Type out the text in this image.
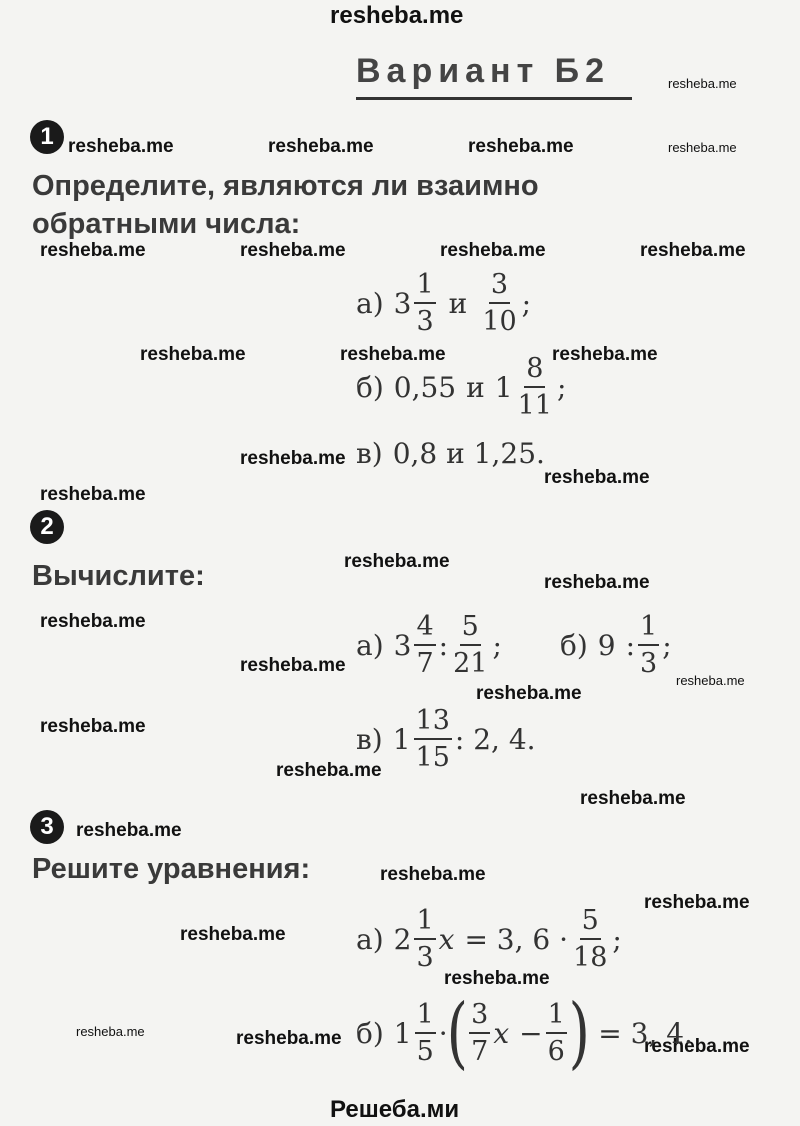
resheba.me
Вариант Б2	resheba.me
resheba.me	resheba.me	resheba.me	resheba.me
resheba.me	resheba.me	resheba.me	resheba.me
resheba.me	resheba.me	resheba.me
resheba.me
resheba.me
resheba.me
resheba.me
resheba.me
resheba.me
resheba.me
resheba.me
resheba.me
resheba.me
resheba.me
resheba.me
resheba.me
resheba.me
resheba.me
resheba.me
resheba.me
resheba.me	resheba.me	resheba.me
1
Определите, являются ли взаимно
обратными числа:
а) $3 \frac{1}{3}$ и $\frac{3}{10}$ ;
б) 0,55 и $1 \frac{8}{11}$ ;
в) 0,8 и 1,25.
2
Вычислите:
а) $3 \frac{4}{7}$ : $\frac{5}{21}$ ; б) 9 : $\frac{1}{3}$ ;
в) $1 \frac{13}{15}$ : 2, 4.
3
Решите уравнения:
а) $2 \frac{1}{3}$ x = 3, $6 \cdot \frac{5}{18}$ ;
б) $1 \frac{1}{5}$ ·
( $\frac{3}{7}$ $x - \frac{1}{6}$ ) = 3, 4.
Решеба.ми
